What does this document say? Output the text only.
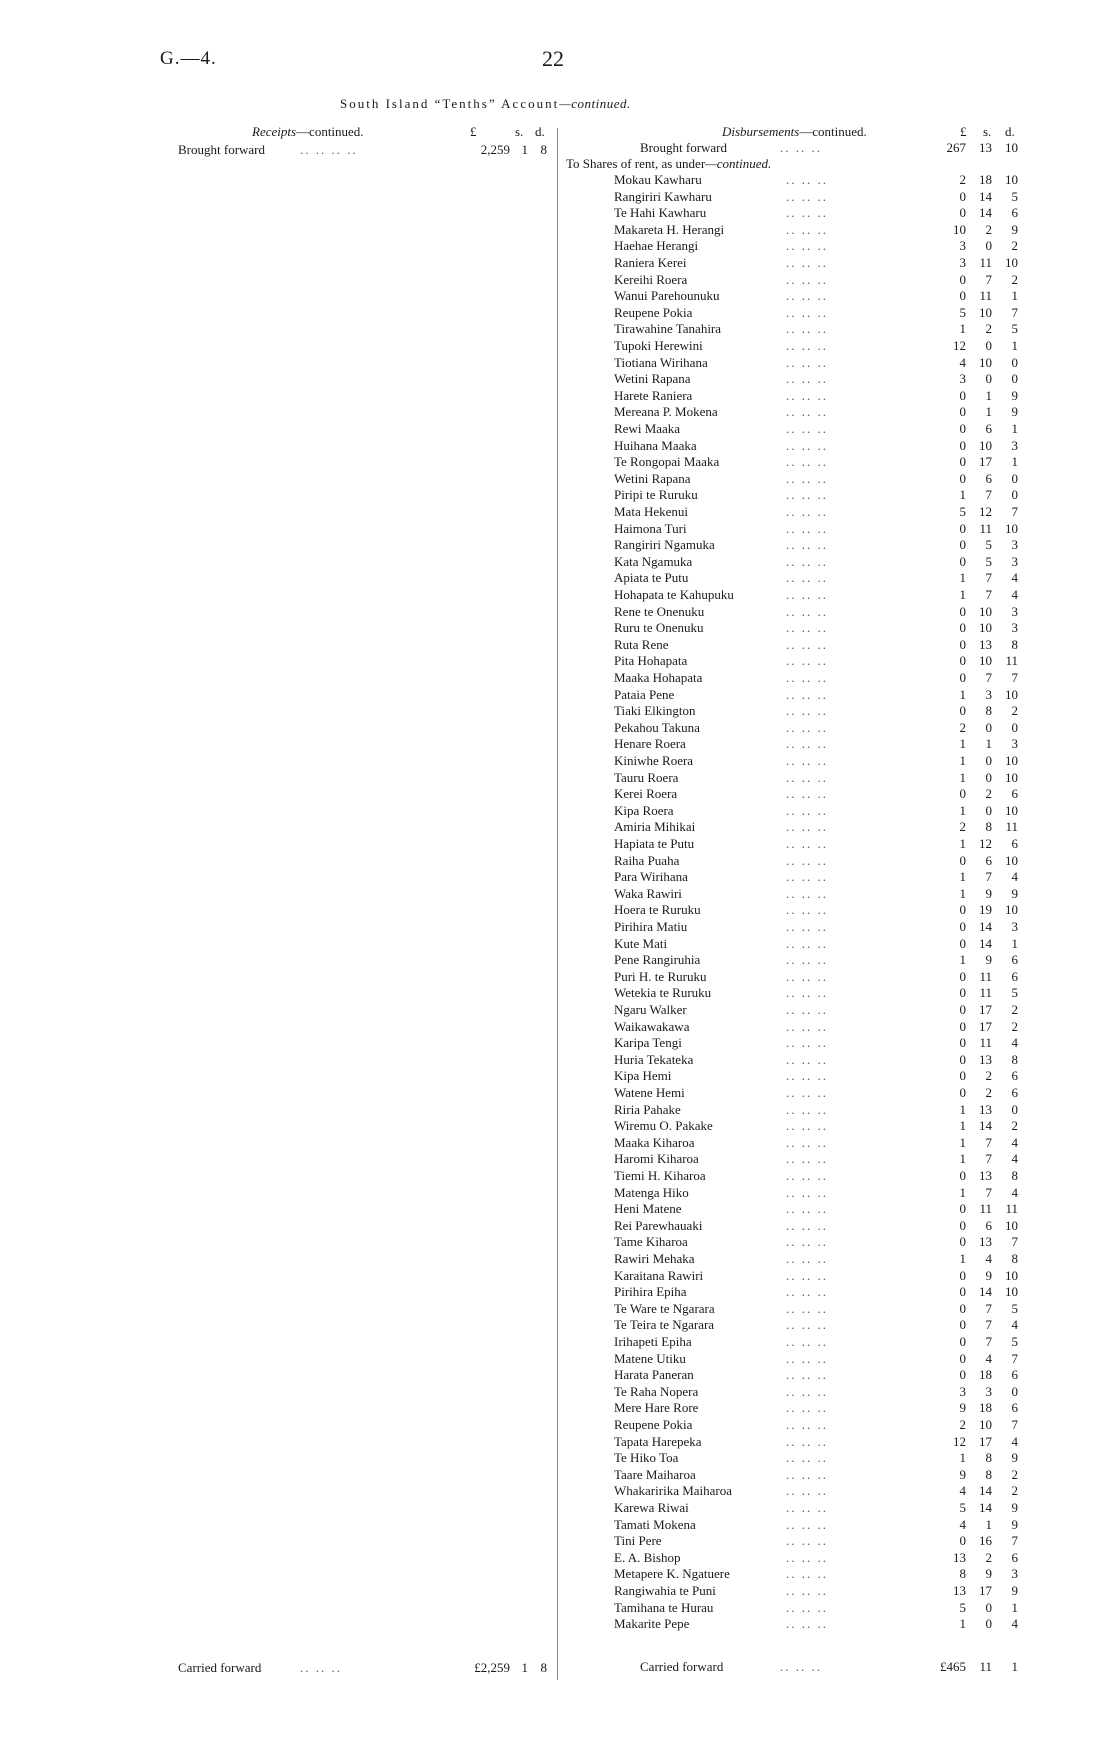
G.—4.	22
South Island “Tenths” Account—continued.
Receipts—continued.	£	s. d.
Brought forward	.. .. .. ..	2,259 1 8
Carried forward	.. .. ..	£2,259 1 8
Disbursements—continued.	£ s. d.
Brought forward	.. .. ..	267	13	10
To Shares of rent, as under—continued.
Mokau Kawharu	.. .. ..	2	18	10
Rangiriri Kawharu	.. .. ..	0	14	5
Te Hahi Kawharu	.. .. ..	0	14	6
Makareta H. Herangi	.. .. ..	10	2	9
Haehae Herangi	.. .. ..	3	0	2
Raniera Kerei	.. .. ..	3	11	10
Kereihi Roera	.. .. ..	0	7	2
Wanui Parehounuku	.. .. ..	0	11	1
Reupene Pokia	.. .. ..	5	10	7
Tirawahine Tanahira	.. .. ..	1	2	5
Tupoki Herewini	.. .. ..	12	0	1
Tiotiana Wirihana	.. .. ..	4	10	0
Wetini Rapana	.. .. ..	3	0	0
Harete Raniera	.. .. ..	0	1	9
Mereana P. Mokena	.. .. ..	0	1	9
Rewi Maaka	.. .. ..	0	6	1
Huihana Maaka	.. .. ..	0	10	3
Te Rongopai Maaka	.. .. ..	0	17	1
Wetini Rapana	.. .. ..	0	6	0
Piripi te Ruruku	.. .. ..	1	7	0
Mata Hekenui	.. .. ..	5	12	7
Haimona Turi	.. .. ..	0	11	10
Rangiriri Ngamuka	.. .. ..	0	5	3
Kata Ngamuka	.. .. ..	0	5	3
Apiata te Putu	.. .. ..	1	7	4
Hohapata te Kahupuku	.. .. ..	1	7	4
Rene te Onenuku	.. .. ..	0	10	3
Ruru te Onenuku	.. .. ..	0	10	3
Ruta Rene	.. .. ..	0	13	8
Pita Hohapata	.. .. ..	0	10	11
Maaka Hohapata	.. .. ..	0	7	7
Pataia Pene	.. .. ..	1	3	10
Tiaki Elkington	.. .. ..	0	8	2
Pekahou Takuna	.. .. ..	2	0	0
Henare Roera	.. .. ..	1	1	3
Kiniwhe Roera	.. .. ..	1	0	10
Tauru Roera	.. .. ..	1	0	10
Kerei Roera	.. .. ..	0	2	6
Kipa Roera	.. .. ..	1	0	10
Amiria Mihikai	.. .. ..	2	8	11
Hapiata te Putu	.. .. ..	1	12	6
Raiha Puaha	.. .. ..	0	6	10
Para Wirihana	.. .. ..	1	7	4
Waka Rawiri	.. .. ..	1	9	9
Hoera te Ruruku	.. .. ..	0	19	10
Pirihira Matiu	.. .. ..	0	14	3
Kute Mati	.. .. ..	0	14	1
Pene Rangiruhia	.. .. ..	1	9	6
Puri H. te Ruruku	.. .. ..	0	11	6
Wetekia te Ruruku	.. .. ..	0	11	5
Ngaru Walker	.. .. ..	0	17	2
Waikawakawa	.. .. ..	0	17	2
Karipa Tengi	.. .. ..	0	11	4
Huria Tekateka	.. .. ..	0	13	8
Kipa Hemi	.. .. ..	0	2	6
Watene Hemi	.. .. ..	0	2	6
Riria Pahake	.. .. ..	1	13	0
Wiremu O. Pakake	.. .. ..	1	14	2
Maaka Kiharoa	.. .. ..	1	7	4
Haromi Kiharoa	.. .. ..	1	7	4
Tiemi H. Kiharoa	.. .. ..	0	13	8
Matenga Hiko	.. .. ..	1	7	4
Heni Matene	.. .. ..	0	11	11
Rei Parewhauaki	.. .. ..	0	6	10
Tame Kiharoa	.. .. ..	0	13	7
Rawiri Mehaka	.. .. ..	1	4	8
Karaitana Rawiri	.. .. ..	0	9	10
Pirihira Epiha	.. .. ..	0	14	10
Te Ware te Ngarara	.. .. ..	0	7	5
Te Teira te Ngarara	.. .. ..	0	7	4
Irihapeti Epiha	.. .. ..	0	7	5
Matene Utiku	.. .. ..	0	4	7
Harata Paneran	.. .. ..	0	18	6
Te Raha Nopera	.. .. ..	3	3	0
Mere Hare Rore	.. .. ..	9	18	6
Reupene Pokia	.. .. ..	2	10	7
Tapata Harepeka	.. .. ..	12	17	4
Te Hiko Toa	.. .. ..	1	8	9
Taare Maiharoa	.. .. ..	9	8	2
Whakaririka Maiharoa	.. .. ..	4	14	2
Karewa Riwai	.. .. ..	5	14	9
Tamati Mokena	.. .. ..	4	1	9
Tini Pere	.. .. ..	0	16	7
E. A. Bishop	.. .. ..	13	2	6
Metapere K. Ngatuere	.. .. ..	8	9	3
Rangiwahia te Puni	.. .. ..	13	17	9
Tamihana te Hurau	.. .. ..	5	0	1
Makarite Pepe	.. .. ..	1	0	4
Carried forward	.. .. ..	£465	11	1
